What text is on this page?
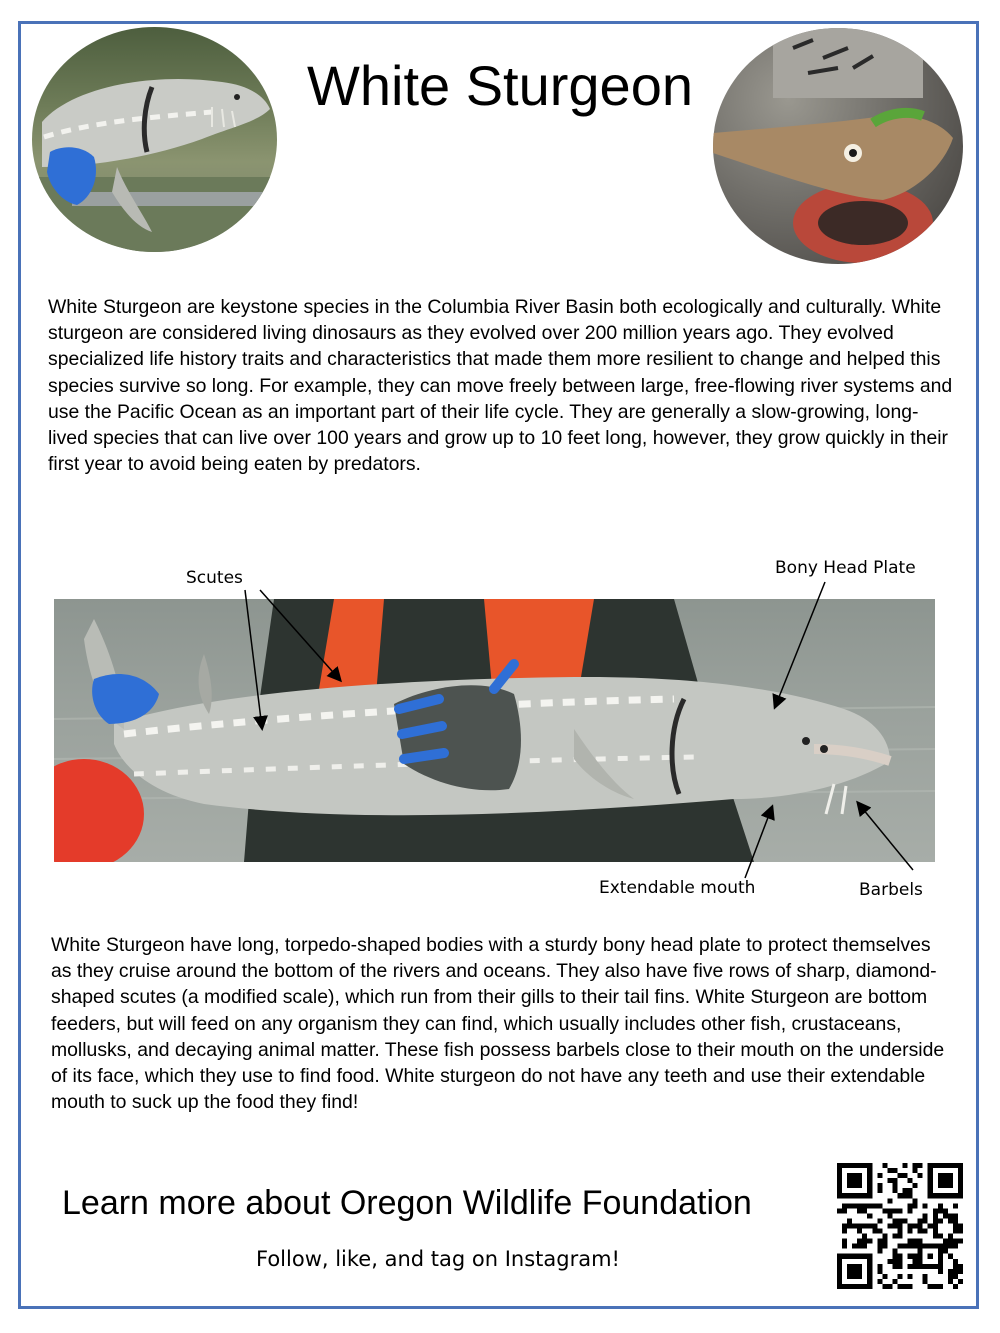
White Sturgeon

White Sturgeon are keystone species in the Columbia River Basin both ecologically and culturally. White sturgeon are considered living dinosaurs as they evolved over 200 million years ago. They evolved specialized life history traits and characteristics that made them more resilient to change and helped this species survive so long. For example, they can move freely between large, free-flowing river systems and use the Pacific Ocean as an important part of their life cycle. They are generally a slow-growing, long-lived species that can live over 100 years and grow up to 10 feet long, however, they grow quickly in their first year to avoid being eaten by predators.

Scutes	Bony Head Plate
Extendable mouth	Barbels

White Sturgeon have long, torpedo-shaped bodies with a sturdy bony head plate to protect themselves as they cruise around the bottom of the rivers and oceans. They also have five rows of sharp, diamond-shaped scutes (a modified scale), which run from their gills to their tail fins. White Sturgeon are bottom feeders, but will feed on any organism they can find, which usually includes other fish, crustaceans, mollusks, and decaying animal matter. These fish possess barbels close to their mouth on the underside of its face, which they use to find food. White sturgeon do not have any teeth and use their extendable mouth to suck up the food they find!

Learn more about Oregon Wildlife Foundation
Follow, like, and tag on Instagram!
